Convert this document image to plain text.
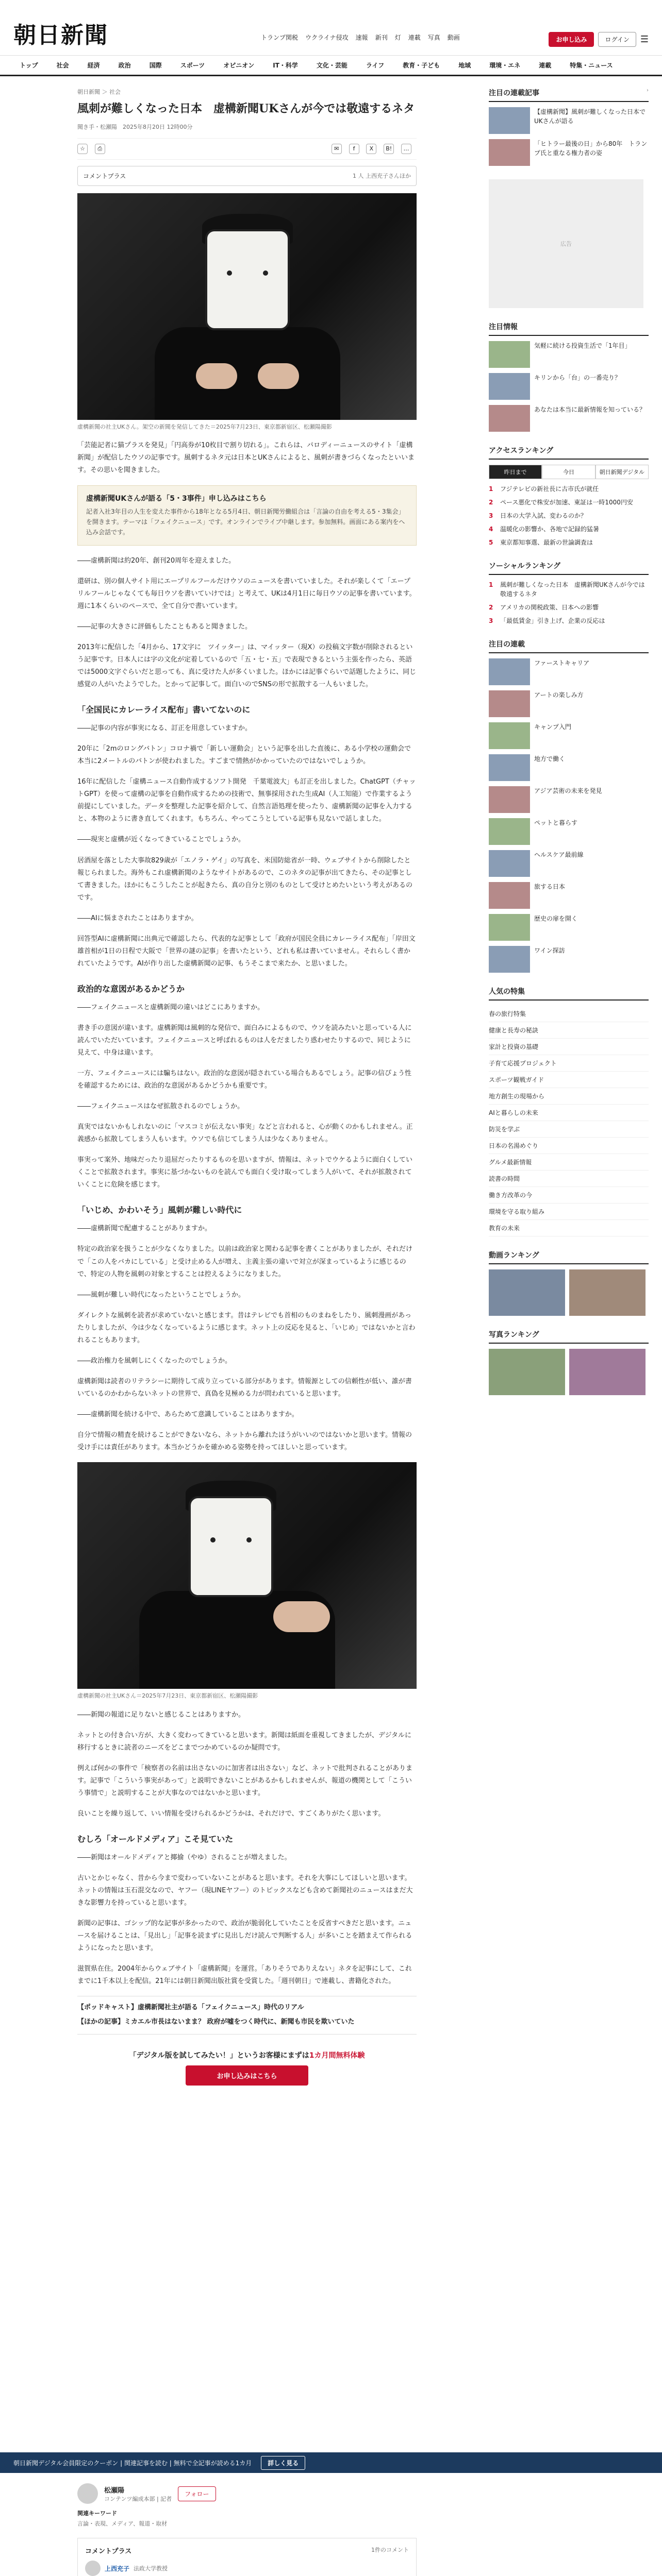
朝日新聞	トランプ関税 ウクライナ侵攻 速報 新刊 灯 連載 写真 動画	お申し込み	ログイン	☰
トップ	社会	経済	政治	国際	スポーツ	オピニオン	IT・科学	文化・芸能	ライフ	教育・子ども	地域	環境・エネ	連載	特集・ニュース
朝日新聞 ＞ 社会
風刺が難しくなった日本　虚構新聞UKさんが今では敬遠するネタ
聞き手・松瀬陽　2025年8月20日 12時00分
☆ ⎙	✉ f	X B! …
コメントプラス	1 人 上西充子さんほか
虚構新聞の社主UKさん。架空の新聞を発信してきた＝2025年7月23日、東京都新宿区、松瀬陽撮影

「芸能記者に猫プラスを発見」「円高券が10枚目で割り切れる」。これらは、パロディーニュースのサイト「虚構新聞」が配信したウソの記事です。風刺するネタ元は日本とUKさんによると、風刺が書きづらくなったといいます。その思いを聞きました。

虚構新聞UKさんが語る「5・3事件」申し込みはこちら
記者入社3年目の人生を変えた事件から18年となる5月4日、朝日新聞労働組合は「言論の自由を考える5・3集会」を開きます。テーマは「フェイクニュース」です。オンラインでライブ中継します。参加無料。画面にある案内をへ込み会話です。

――虚構新聞は約20年、創刊20周年を迎えました。

還研は、別の個人サイト用にエープリルフールだけウソのニュースを書いていました。それが楽しくて「エープリルフールじゃなくても毎日ウソを書いていけでは」と考えて、UKは4月1日に毎日ウソの記事を書いています。週に1本くらいのペースで、全て自分で書いています。

――記事の大きさに評価もしたこともあると聞きました。

2013年に配信した「4月から、17文字に　ツイッター」は、マイッター（現X）の投稿文字数が削除されるという記事です。日本人には字の文化が定着しているので「五・七・五」で表現できるという主張を作ったら、英語では5000文字ぐらいだと思っても、真に受けた人が多くいました。ほかには記事ぐらいで話題したように、同じ感覚の人がいたようでした。とかって記事して。面白いのでSNSの形で拡散する一人もいました。

「全国民にカレーライス配布」書いてないのに

――記事の内容が事実になる、訂正を用意していますか。

20年に「2mのロングバトン」コロナ禍で「新しい運動会」という記事を出した直後に、ある小学校の運動会で本当に2メートルのバトンが使われました。すごまで情熱がかかっていたのではないでしょうか。

16年に配信した「虚構ニュース自動作成するソフト開発　千葉電波大」も訂正を出しました。ChatGPT（チャットGPT）を使って虚構の記事を自動作成するための技術で、無事採用された生成AI（人工知能）で作業するよう前提にしていました。データを整理した記事を紹介して、自然言語処理を使ったり、虚構新聞の記事を入力すると、本物のように書き直してくれます。もちろん、やってこうとしている記事も見ないで話しました。

――現実と虚構が近くなってきていることでしょうか。

居酒屋を落とした大事故829歳が「エノラ・ゲイ」の写真を、米国防総省が一時、ウェブサイトから削除したと報じられました。海外もこれ虚構新聞のようなサイトがあるので、このネタの記事が出てきたら、その記事として書きました。ほかにもこうしたことが起きたら、真の自分と別のものとして受けとめたいという考えがあるのです。

――AIに悩まされたことはありますか。

回答型AIに虚構新聞に出典元で確認したら、代表的な記事として「政府が国民全員にカレーライス配布」「岸田文雄首相が1日の日程で大阪で「世界の謎の記事」を書いたという、どれも私は書いていません。それらしく書かれていたようです。AIが作り出した虚構新聞の記事、もうそこまで来たか、と思いました。

政治的な意図があるかどうか

――フェイクニュースと虚構新聞の違いはどこにありますか。

書き手の意図が違います。虚構新聞は風刺的な発信で、面白みによるもので、ウソを読みたいと思っている人に読んでいただいています。フェイクニュースと呼ばれるものは人をだましたり惑わせたりするので、同じように見えて、中身は違います。

一方、フェイクニュースには騙ちはない。政治的な意図が隠されている場合もあるでしょう。記事の信ぴょう性を確認するためには、政治的な意図があるかどうかも重要です。

――フェイクニュースはなぜ拡散されるのでしょうか。

真実ではないかもしれないのに「マスコミが伝えない事実」などと言われると、心が動くのかもしれません。正義感から拡散してしまう人もいます。ウソでも信じてしまう人は少なくありません。

事実って案外、地味だったり退屈だったりするものを思いますが、情報は、ネットでウケるように面白くしていくことで拡散されます。事実に基づかないものを読んでも面白く受け取ってしまう人がいて、それが拡散されていくことに危険を感じます。

「いじめ、かわいそう」風刺が難しい時代に

――虚構新聞で配慮することがありますか。

特定の政治家を扱うことが少なくなりました。以前は政治家と関わる記事を書くことがありましたが、それだけで「この人をバカにしている」と受け止める人が増え、主義主張の違いで対立が深まっているように感じるので、特定の人物を風刺の対象とすることは控えるようになりました。

――風刺が難しい時代になったということでしょうか。

ダイレクトな風刺を読者が求めていないと感じます。昔はテレビでも首相のものまねをしたり、風刺漫画があったりしましたが、今は少なくなっているように感じます。ネット上の反応を見ると、「いじめ」ではないかと言われることもあります。

――政治権力を風刺しにくくなったのでしょうか。

虚構新聞は読者のリテラシーに期待して成り立っている部分があります。情報源としての信頼性が低い、誰が書いているのかわからないネットの世界で、真偽を見極める力が問われていると思います。

――虚構新聞を続ける中で、あらためて意識していることはありますか。

自分で情報の精査を続けることができないなら、ネットから離れたほうがいいのではないかと思います。情報の受け手には責任があります。本当かどうかを確かめる姿勢を持ってほしいと思っています。

虚構新聞の社主UKさん＝2025年7月23日、東京都新宿区、松瀬陽撮影

――新聞の報道に足りないと感じることはありますか。

ネットとの付き合い方が、大きく変わってきていると思います。新聞は紙面を重視してきましたが、デジタルに移行するときに読者のニーズをどこまでつかめているのか疑問です。

例えば何かの事件で「検察者の名前は出さないのに加害者は出さない」など、ネットで批判されることがあります。記事で「こういう事実があって」と説明できないことがあるかもしれませんが、報道の機関として「こういう事情で」と説明することが大事なのではないかと思います。

良いことを繰り返して、いい情報を受けられるかどうかは、それだけで、すごくありがたく思います。

むしろ「オールドメディア」こそ見ていた

――新聞はオールドメディアと揶揄（やゆ）されることが増えました。

古いとかじゃなく、昔から今まで変わっていないことがあると思います。それを大事にしてほしいと思います。ネットの情報は玉石混交なので、ヤフー（現LINEヤフー）のトピックスなども含めて新聞社のニュースはまだ大きな影響力を持っていると思います。

新聞の記事は、ゴシップ的な記事が多かったので、政治が脆弱化していたことを反省すべきだと思います。ニュースを届けることは、「見出し」「記事を読まずに見出しだけ読んで判断する人」が多いことを踏まえて作られるようになったと思います。

滋賀県在住。2004年からウェブサイト「虚構新聞」を運営。「ありそうでありえない」ネタを記事にして、これまでに1千本以上を配信。21年には朝日新聞出版社賞を受賞した。「週刊朝日」で連載し、書籍化された。

【ポッドキャスト】虚構新聞社主が語る「フェイクニュース」時代のリアル
【ほかの記事】ミカエル市長はないまま？ 政府が嘘をつく時代に、新聞も市民を欺いていた
「デジタル版を試してみたい！」というお客様にまずは1カ月間無料体験
お申し込みはこちら
注目の連載記事	›
【虚構新聞】風刺が難しくなった日本でUKさんが語る
「ヒトラー最後の日」から80年　トランプ氏と重なる権力者の姿
広告
注目情報
気軽に続ける投資生活で「1年目」
キリンから「台」の一番売り？
あなたは本当に最新情報を知っている？
アクセスランキング
昨日まで	今日	朝日新聞デジタル
1	フジテレビの新社長に古市氏が就任
2	ペース悪化で株安が加速、東証は一時1000円安
3	日本の大学入試、変わるのか？
4	温暖化の影響か、各地で記録的猛暑
5	東京都知事選、最新の世論調査は
ソーシャルランキング
1	風刺が難しくなった日本　虚構新聞UKさんが今では敬遠するネタ
2	アメリカの関税政策、日本への影響
3	「最低賃金」引き上げ、企業の反応は
注目の連載
ファーストキャリア
アートの楽しみ方
キャンプ入門
地方で働く
アジア芸術の未来を発見
ペットと暮らす
ヘルスケア最前線
旅する日本
歴史の扉を開く
ワイン探訪
人気の特集
春の旅行特集
健康と長寿の秘訣
家計と投資の基礎
子育て応援プロジェクト
スポーツ観戦ガイド
地方創生の現場から
AIと暮らしの未来
防災を学ぶ
日本の名湯めぐり
グルメ最新情報
読書の時間
働き方改革の今
環境を守る取り組み
教育の未来
動画ランキング
写真ランキング
朝日新聞デジタル会員限定のクーポン | 関連記事を読む | 無料で全記事が読める1カ月	詳しく見る
松瀬陽
コンテンツ編成本部 | 記者
フォロー
関連キーワード
言論・表現、メディア、報道・取材
コメントプラス	1件のコメント
上西充子 法政大学教授
